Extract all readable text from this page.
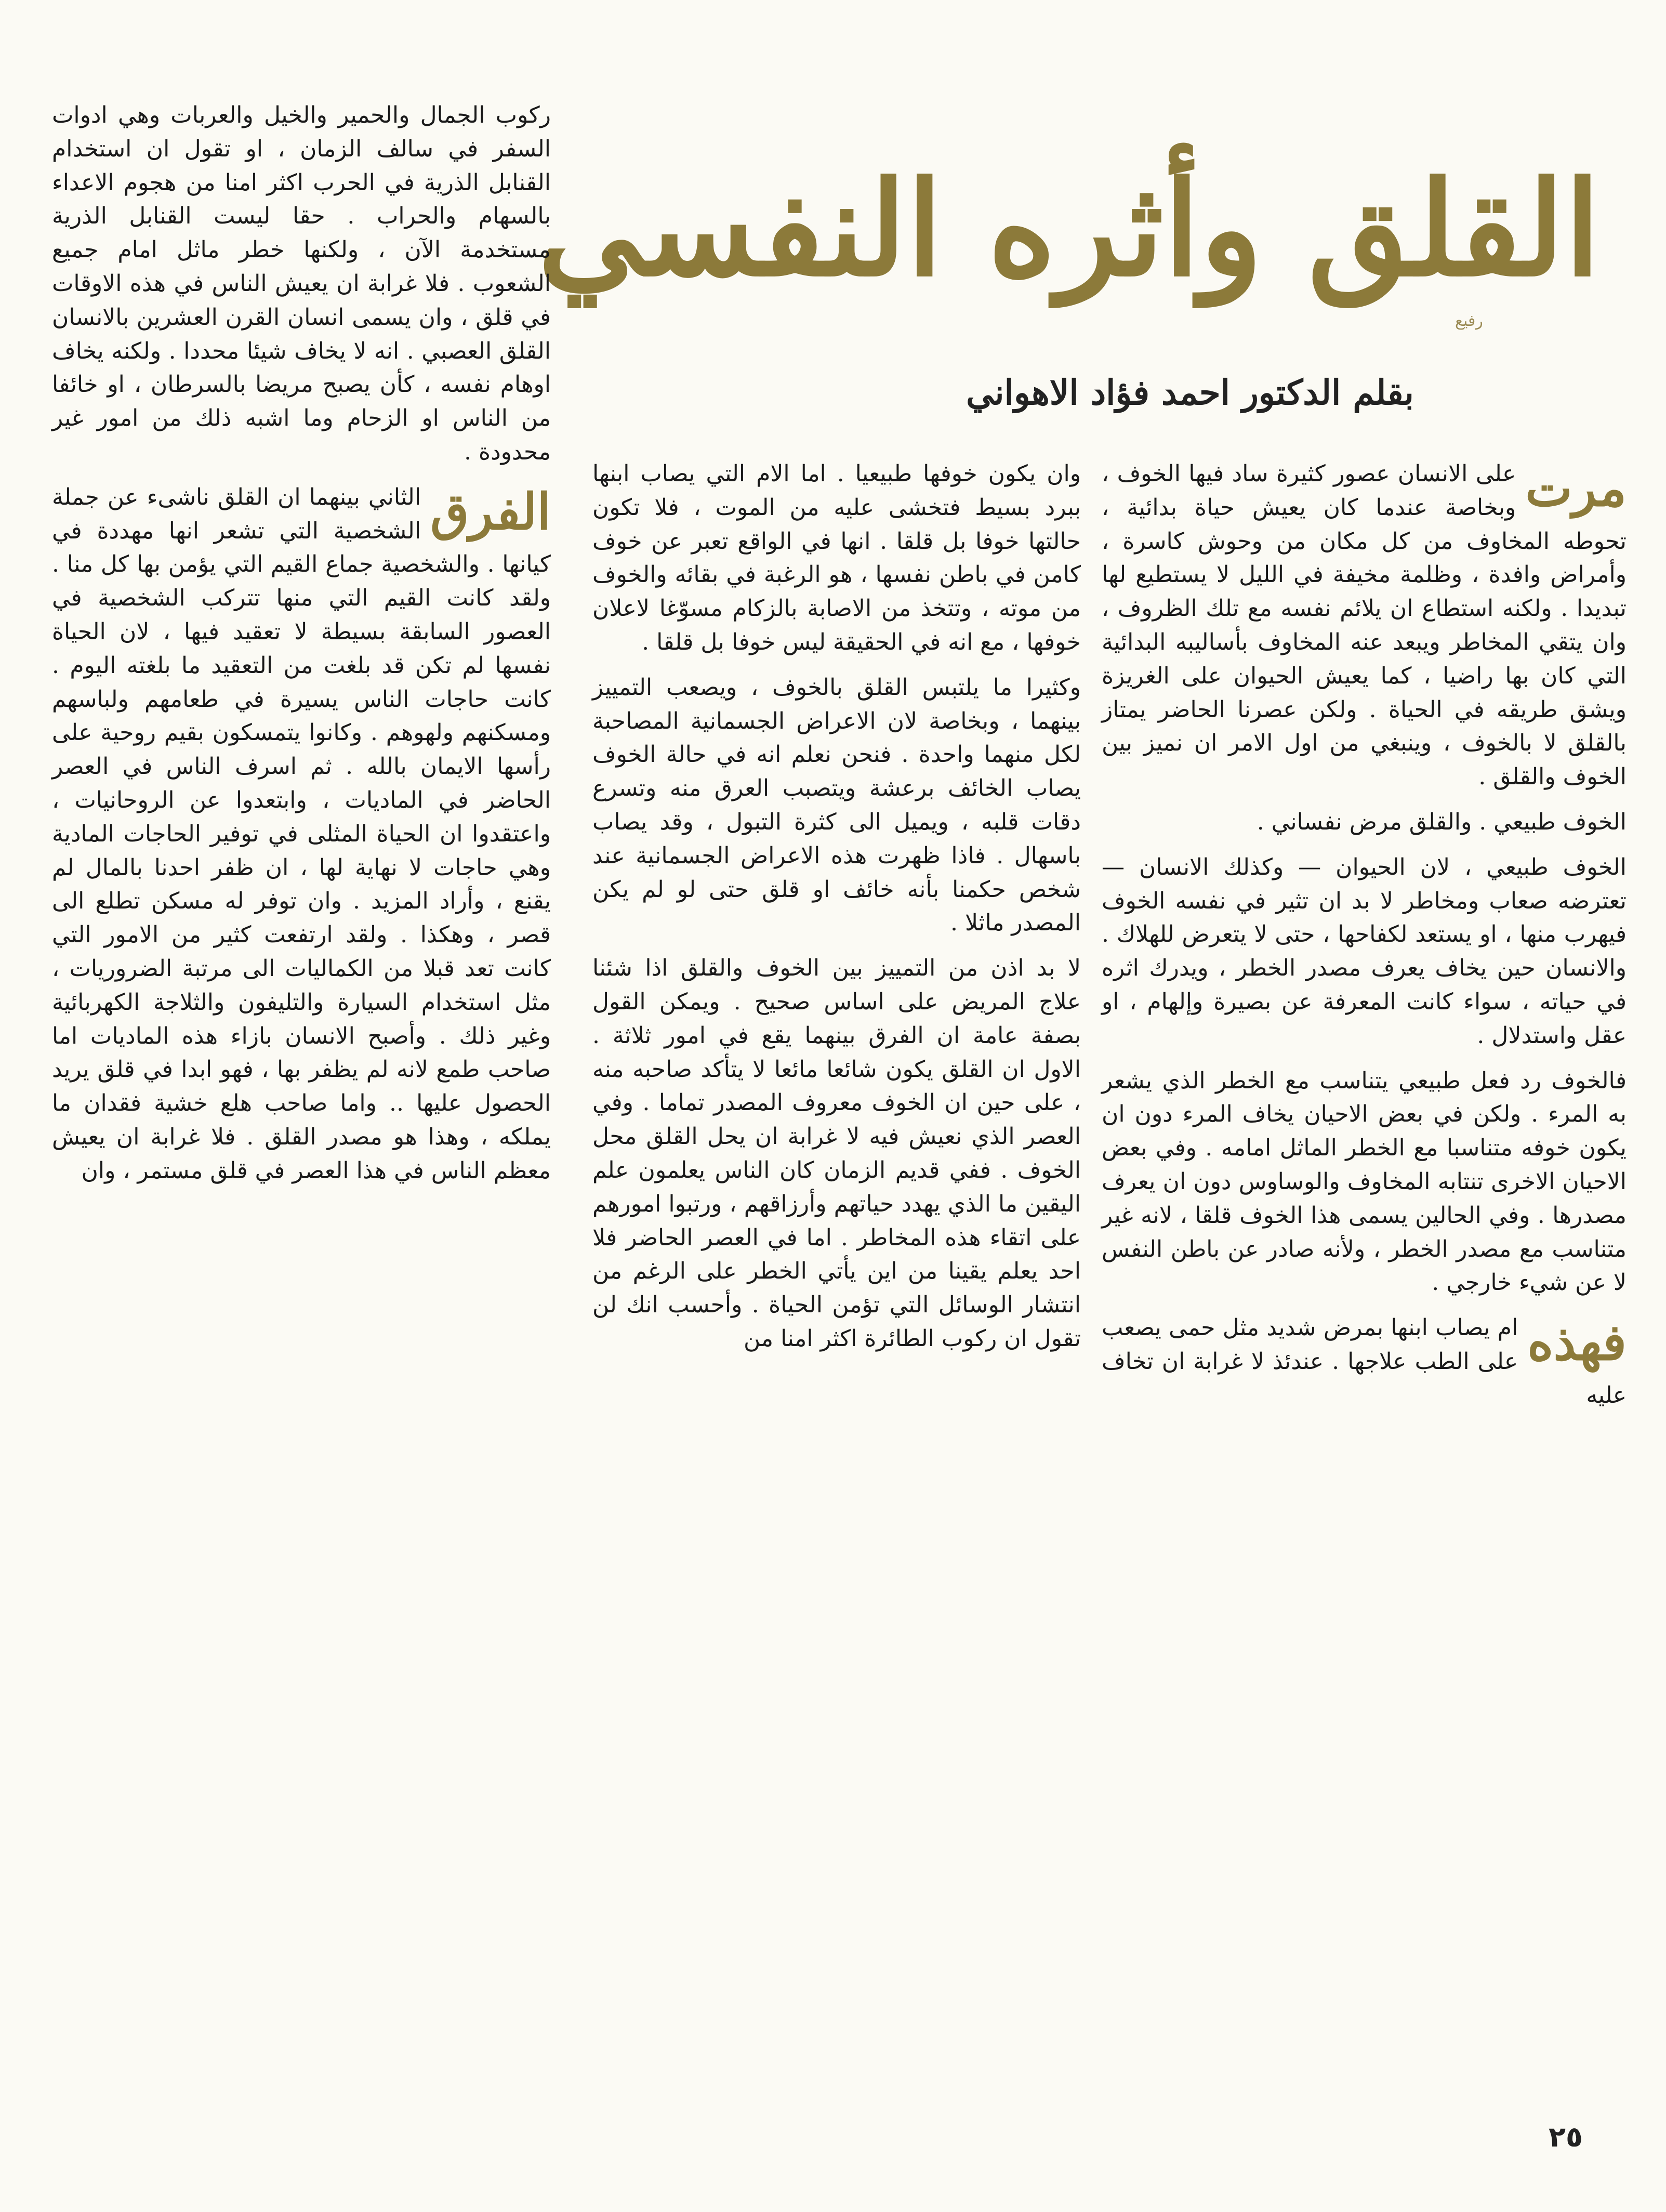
القلق وأثره النفسي
رفيع
بقلم الدكتور احمد فؤاد الاهواني

مرت
على الانسان عصور كثيرة ساد فيها الخوف ، وبخاصة عندما كان يعيش حياة بدائية ، تحوطه المخاوف من كل مكان من وحوش كاسرة ، وأمراض وافدة ، وظلمة مخيفة في الليل لا يستطيع لها تبديدا . ولكنه استطاع ان يلائم نفسه مع تلك الظروف ، وان يتقي المخاطر ويبعد عنه المخاوف بأساليبه البدائية التي كان بها راضيا ، كما يعيش الحيوان على الغريزة ويشق طريقه في الحياة . ولكن عصرنا الحاضر يمتاز بالقلق لا بالخوف ، وينبغي من اول الامر ان نميز بين الخوف والقلق .

الخوف طبيعي . والقلق مرض نفساني .

الخوف طبيعي ، لان الحيوان — وكذلك الانسان — تعترضه صعاب ومخاطر لا بد ان تثير في نفسه الخوف فيهرب منها ، او يستعد لكفاحها ، حتى لا يتعرض للهلاك . والانسان حين يخاف يعرف مصدر الخطر ، ويدرك اثره في حياته ، سواء كانت المعرفة عن بصيرة وإلهام ، او عقل واستدلال .

فالخوف رد فعل طبيعي يتناسب مع الخطر الذي يشعر به المرء . ولكن في بعض الاحيان يخاف المرء دون ان يكون خوفه متناسبا مع الخطر الماثل امامه . وفي بعض الاحيان الاخرى تنتابه المخاوف والوساوس دون ان يعرف مصدرها . وفي الحالين يسمى هذا الخوف قلقا ، لانه غير متناسب مع مصدر الخطر ، ولأنه صادر عن باطن النفس لا عن شيء خارجي .

فهذه
ام يصاب ابنها بمرض شديد مثل حمى يصعب على الطب علاجها . عندئذ لا غرابة ان تخاف عليه

وان يكون خوفها طبيعيا . اما الام التي يصاب ابنها ببرد بسيط فتخشى عليه من الموت ، فلا تكون حالتها خوفا بل قلقا . انها في الواقع تعبر عن خوف كامن في باطن نفسها ، هو الرغبة في بقائه والخوف من موته ، وتتخذ من الاصابة بالزكام مسوّغا لاعلان خوفها ، مع انه في الحقيقة ليس خوفا بل قلقا .

وكثيرا ما يلتبس القلق بالخوف ، ويصعب التمييز بينهما ، وبخاصة لان الاعراض الجسمانية المصاحبة لكل منهما واحدة . فنحن نعلم انه في حالة الخوف يصاب الخائف برعشة ويتصبب العرق منه وتسرع دقات قلبه ، ويميل الى كثرة التبول ، وقد يصاب باسهال . فاذا ظهرت هذه الاعراض الجسمانية عند شخص حكمنا بأنه خائف او قلق حتى لو لم يكن المصدر ماثلا .

لا بد اذن من التمييز بين الخوف والقلق اذا شئنا علاج المريض على اساس صحيح . ويمكن القول بصفة عامة ان الفرق بينهما يقع في امور ثلاثة . الاول ان القلق يكون شائعا مائعا لا يتأكد صاحبه منه ، على حين ان الخوف معروف المصدر تماما . وفي العصر الذي نعيش فيه لا غرابة ان يحل القلق محل الخوف . ففي قديم الزمان كان الناس يعلمون علم اليقين ما الذي يهدد حياتهم وأرزاقهم ، ورتبوا امورهم على اتقاء هذه المخاطر . اما في العصر الحاضر فلا احد يعلم يقينا من اين يأتي الخطر على الرغم من انتشار الوسائل التي تؤمن الحياة . وأحسب انك لن تقول ان ركوب الطائرة اكثر امنا من

ركوب الجمال والحمير والخيل والعربات وهي ادوات السفر في سالف الزمان ، او تقول ان استخدام القنابل الذرية في الحرب اكثر امنا من هجوم الاعداء بالسهام والحراب . حقا ليست القنابل الذرية مستخدمة الآن ، ولكنها خطر ماثل امام جميع الشعوب . فلا غرابة ان يعيش الناس في هذه الاوقات في قلق ، وان يسمى انسان القرن العشرين بالانسان القلق العصبي . انه لا يخاف شيئا محددا . ولكنه يخاف اوهام نفسه ، كأن يصبح مريضا بالسرطان ، او خائفا من الناس او الزحام وما اشبه ذلك من امور غير محدودة .

الفرق
الثاني بينهما ان القلق ناشىء عن جملة الشخصية التي تشعر انها مهددة في كيانها . والشخصية جماع القيم التي يؤمن بها كل منا . ولقد كانت القيم التي منها تتركب الشخصية في العصور السابقة بسيطة لا تعقيد فيها ، لان الحياة نفسها لم تكن قد بلغت من التعقيد ما بلغته اليوم . كانت حاجات الناس يسيرة في طعامهم ولباسهم ومسكنهم ولهوهم . وكانوا يتمسكون بقيم روحية على رأسها الايمان بالله . ثم اسرف الناس في العصر الحاضر في الماديات ، وابتعدوا عن الروحانيات ، واعتقدوا ان الحياة المثلى في توفير الحاجات المادية وهي حاجات لا نهاية لها ، ان ظفر احدنا بالمال لم يقنع ، وأراد المزيد . وان توفر له مسكن تطلع الى قصر ، وهكذا . ولقد ارتفعت كثير من الامور التي كانت تعد قبلا من الكماليات الى مرتبة الضروريات ، مثل استخدام السيارة والتليفون والثلاجة الكهربائية وغير ذلك . وأصبح الانسان بازاء هذه الماديات اما صاحب طمع لانه لم يظفر بها ، فهو ابدا في قلق يريد الحصول عليها .. واما صاحب هلع خشية فقدان ما يملكه ، وهذا هو مصدر القلق . فلا غرابة ان يعيش معظم الناس في هذا العصر في قلق مستمر ، وان

٢٥
